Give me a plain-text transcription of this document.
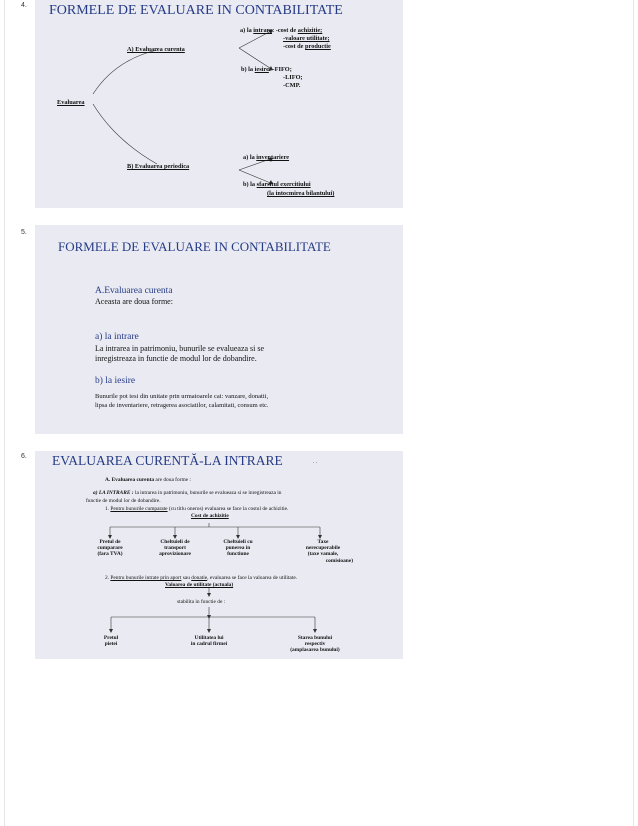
4. FORMELE DE EVALUARE IN CONTABILITATE
Evaluarea
A) Evaluarea curenta
B) Evaluarea periodica
a) la intrare: -cost de achizitie;
-valoare utilitate;
-cost de productie
b) la iesire: -FIFO;
-LIFO;
-CMP.
a) la inventariere
b) la sfarsitul exercitiului
(la intocmirea bilantului)
5.
FORMELE DE EVALUARE IN CONTABILITATE
A.Evaluarea curenta
Aceasta are doua forme:
a) la intrare
La intrarea in patrimoniu, bunurile se evalueaza si se
inregistreaza in functie de modul lor de dobandire.
b) la iesire
Bunurile pot iesi din unitate prin urmatoarele cai: vanzare, donatii,
lipsa de inventariere, retragerea asociatilor, calamitati, consum etc.
6. EVALUAREA CURENTĂ-LA INTRARE	. .
A. Evaluarea curenta are doua forme :
a) LA INTRARE : la intrarea in patrimoniu, bunurile se evalueaza si se inregistreaza in
functie de modul lor de dobandire.
1. Pentru bunurile cumparate (cu titlu oneros) evaluarea se face la costul de achizitie.
Cost de achizitie
Pretul de
cumparare
(fara TVA)
Cheltuieli de
transport
aprovizionare
Cheltuieli cu
punerea in
functiune
Taxe
nerecuperabile
(taxe vamale,
comisioane)
2. Pentru bunurile intrate prin aport sau donatie, evaluarea se face la valoarea de utilitate.
Valoarea de utilitate (actuala)
stabilita in functie de :
Pretul
pietei
Utilitatea lui
in cadrul firmei
Starea bunului
respectiv
(amplasarea bunului)
